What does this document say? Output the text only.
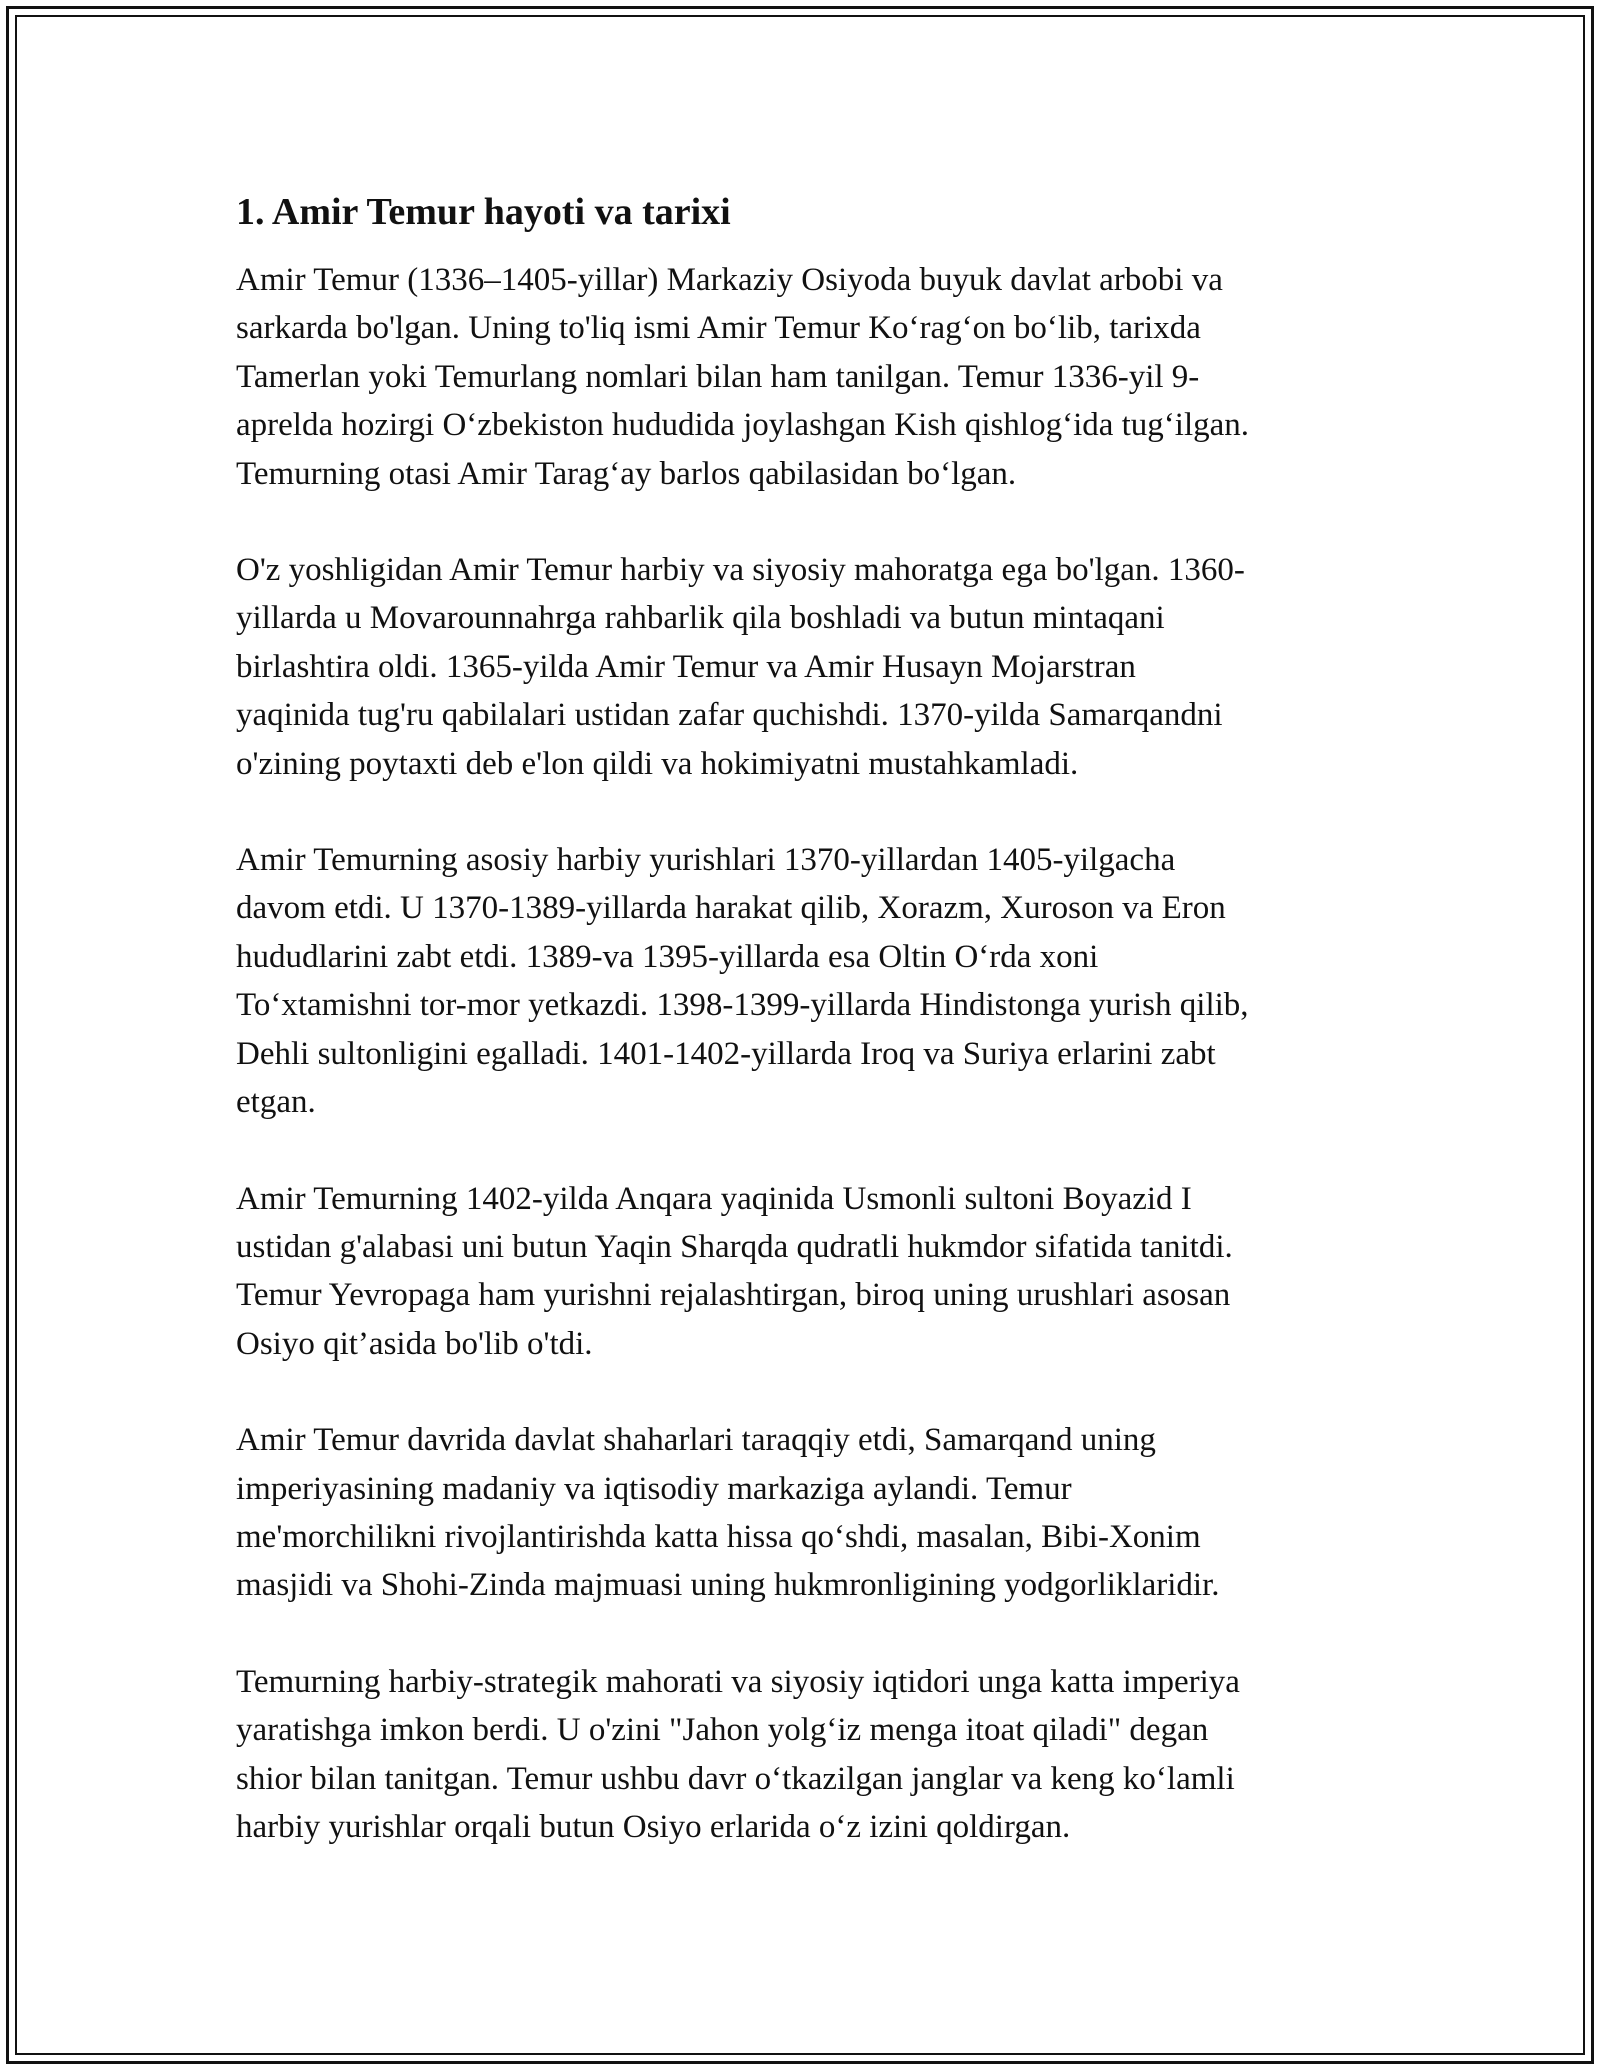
1. Amir Temur hayoti va tarixi

Amir Temur (1336–1405-yillar) Markaziy Osiyoda buyuk davlat arbobi va
sarkarda bo'lgan. Uning to'liq ismi Amir Temur Koʻragʻon boʻlib, tarixda
Tamerlan yoki Temurlang nomlari bilan ham tanilgan. Temur 1336-yil 9-
aprelda hozirgi Oʻzbekiston hududida joylashgan Kish qishlogʻida tugʻilgan.
Temurning otasi Amir Taragʻay barlos qabilasidan boʻlgan.

O'z yoshligidan Amir Temur harbiy va siyosiy mahoratga ega bo'lgan. 1360-
yillarda u Movarounnahrga rahbarlik qila boshladi va butun mintaqani
birlashtira oldi. 1365-yilda Amir Temur va Amir Husayn Mojarstran
yaqinida tug'ru qabilalari ustidan zafar quchishdi. 1370-yilda Samarqandni
o'zining poytaxti deb e'lon qildi va hokimiyatni mustahkamladi.

Amir Temurning asosiy harbiy yurishlari 1370-yillardan 1405-yilgacha
davom etdi. U 1370-1389-yillarda harakat qilib, Xorazm, Xuroson va Eron
hududlarini zabt etdi. 1389-va 1395-yillarda esa Oltin Oʻrda xoni
Toʻxtamishni tor-mor yetkazdi. 1398-1399-yillarda Hindistonga yurish qilib,
Dehli sultonligini egalladi. 1401-1402-yillarda Iroq va Suriya erlarini zabt
etgan.

Amir Temurning 1402-yilda Anqara yaqinida Usmonli sultoni Boyazid I
ustidan g'alabasi uni butun Yaqin Sharqda qudratli hukmdor sifatida tanitdi.
Temur Yevropaga ham yurishni rejalashtirgan, biroq uning urushlari asosan
Osiyo qit’asida bo'lib o'tdi.

Amir Temur davrida davlat shaharlari taraqqiy etdi, Samarqand uning
imperiyasining madaniy va iqtisodiy markaziga aylandi. Temur
me'morchilikni rivojlantirishda katta hissa qoʻshdi, masalan, Bibi-Xonim
masjidi va Shohi-Zinda majmuasi uning hukmronligining yodgorliklaridir.

Temurning harbiy-strategik mahorati va siyosiy iqtidori unga katta imperiya
yaratishga imkon berdi. U o'zini "Jahon yolgʻiz menga itoat qiladi" degan
shior bilan tanitgan. Temur ushbu davr oʻtkazilgan janglar va keng koʻlamli
harbiy yurishlar orqali butun Osiyo erlarida oʻz izini qoldirgan.
